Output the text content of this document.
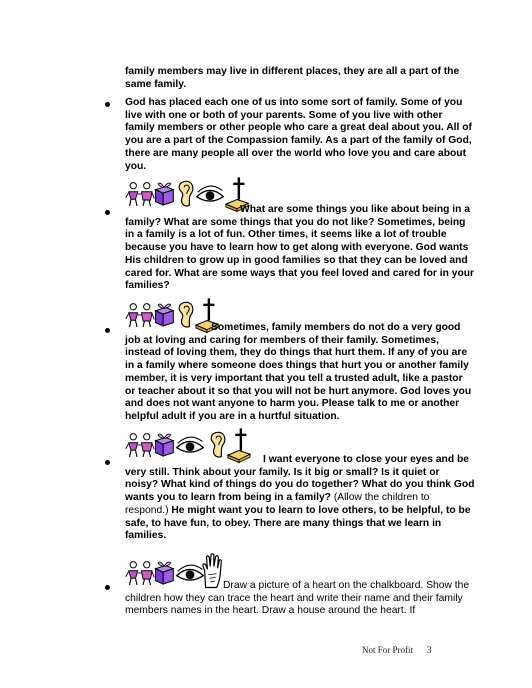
family members may live in different places, they are all a part of the same family.
God has placed each one of us into some sort of family. Some of you live with one or both of your parents. Some of you live with other family members or other people who care a great deal about you. All of you are a part of the Compassion family. As a part of the family of God, there are many people all over the world who love you and care about you.
What are some things you like about being in a family? What are some things that you do not like? Sometimes, being in a family is a lot of fun. Other times, it seems like a lot of trouble because you have to learn how to get along with everyone. God wants His children to grow up in good families so that they can be loved and cared for. What are some ways that you feel loved and cared for in your families?
Sometimes, family members do not do a very good job at loving and caring for members of their family. Sometimes, instead of loving them, they do things that hurt them. If any of you are in a family where someone does things that hurt you or another family member, it is very important that you tell a trusted adult, like a pastor or teacher about it so that you will not be hurt anymore. God loves you and does not want anyone to harm you. Please talk to me or another helpful adult if you are in a hurtful situation.
I want everyone to close your eyes and be very still. Think about your family. Is it big or small? Is it quiet or noisy? What kind of things do you do together? What do you think God wants you to learn from being in a family? (Allow the children to respond.) He might want you to learn to love others, to be helpful, to be safe, to have fun, to obey. There are many things that we learn in families.
Draw a picture of a heart on the chalkboard. Show the children how they can trace the heart and write their name and their family members names in the heart. Draw a house around the heart. If
Not For Profit 3
